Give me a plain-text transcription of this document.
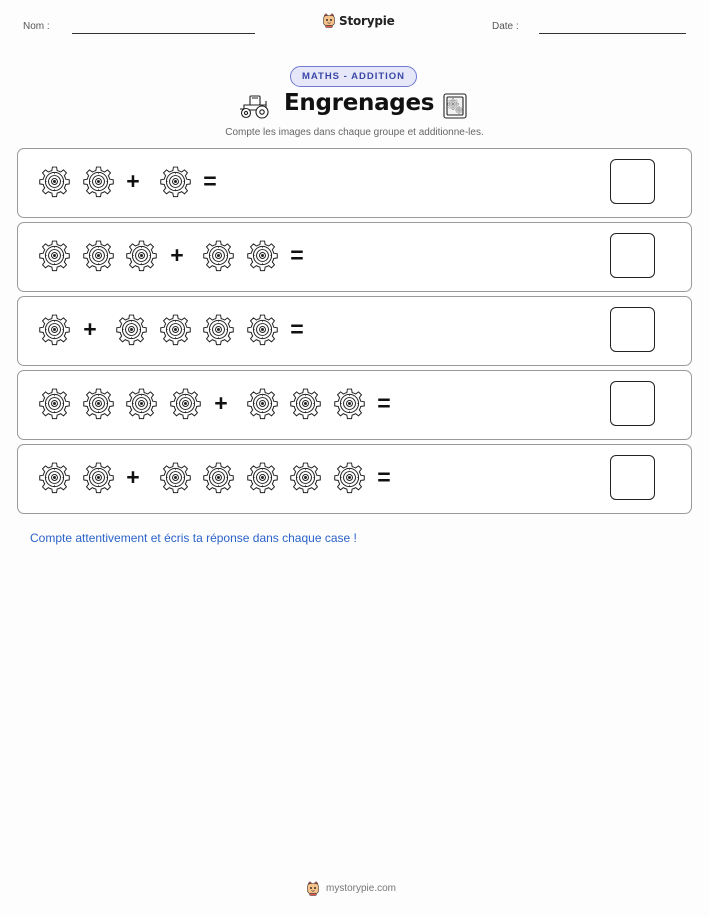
Nom :	Storypie	Date :
MATHS - ADDITION
Engrenages
Compte les images dans chaque groupe et additionne-les.
+	=
+	=
+	=
+	=
+	=
Compte attentivement et écris ta réponse dans chaque case !
mystorypie.com
